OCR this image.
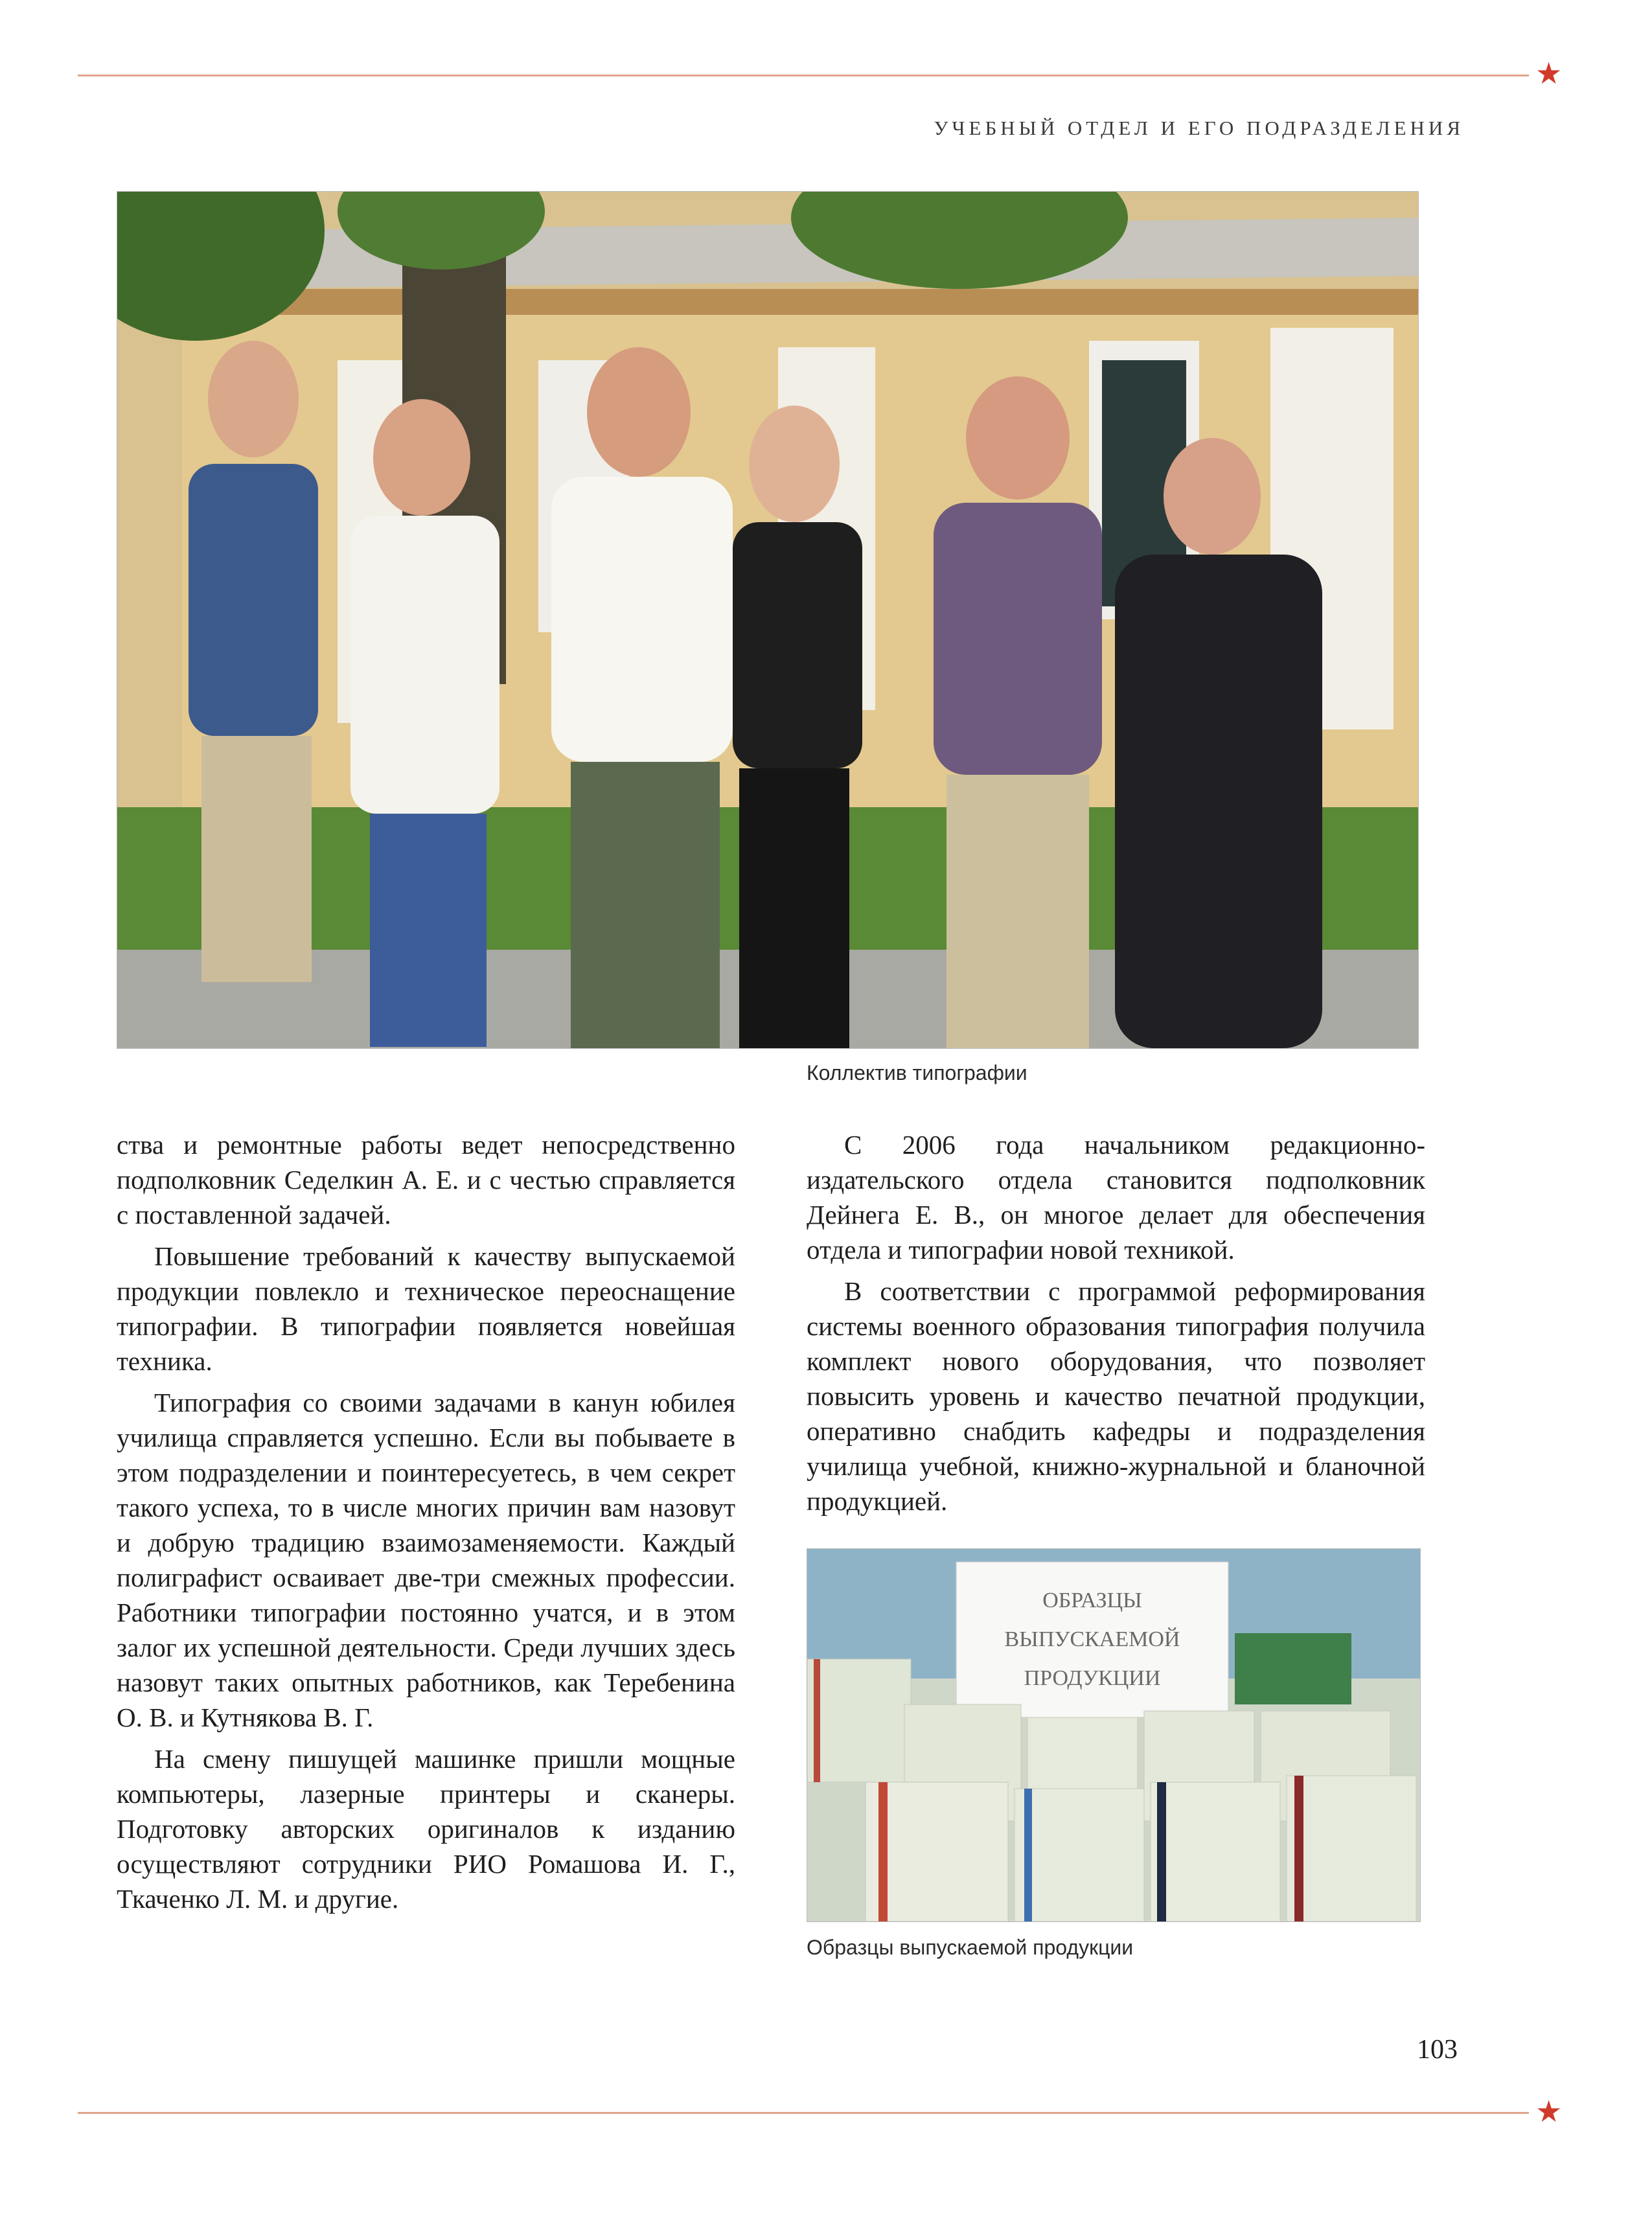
★
УЧЕБНЫЙ ОТДЕЛ И ЕГО ПОДРАЗДЕЛЕНИЯ
Коллектив типографии

ства и ремонтные работы ведет непосредственно подполковник Седелкин А. Е. и с честью справляется с поставленной задачей.

Повышение требований к качеству выпускаемой продукции повлекло и техническое переоснащение типографии. В типографии появляется новейшая техника.

Типография со своими задачами в канун юбилея училища справляется успешно. Если вы побываете в этом подразделении и поинтересуетесь, в чем секрет такого успеха, то в числе многих причин вам назовут и добрую традицию взаимозаменяемости. Каждый полиграфист осваивает две-три смежных профессии. Работники типографии постоянно учатся, и в этом залог их успешной деятельности. Среди лучших здесь назовут таких опытных работников, как Теребенина О. В. и Кутнякова В. Г.

На смену пишущей машинке пришли мощные компьютеры, лазерные принтеры и сканеры. Подготовку авторских оригиналов к изданию осуществляют сотрудники РИО Ромашова И. Г., Ткаченко Л. М. и другие.

С 2006 года начальником редакционно-издательского отдела становится подполковник Дейнега Е. В., он многое делает для обеспечения отдела и типографии новой техникой.

В соответствии с программой реформирования системы военного образования типография получила комплект нового оборудования, что позволяет повысить уровень и качество печатной продукции, оперативно снабдить кафедры и подразделения училища учебной, книжно-журнальной и бланочной продукцией.

ОБРАЗЦЫ
ВЫПУСКАЕМОЙ
ПРОДУКЦИИ
Образцы выпускаемой продукции
103
★
